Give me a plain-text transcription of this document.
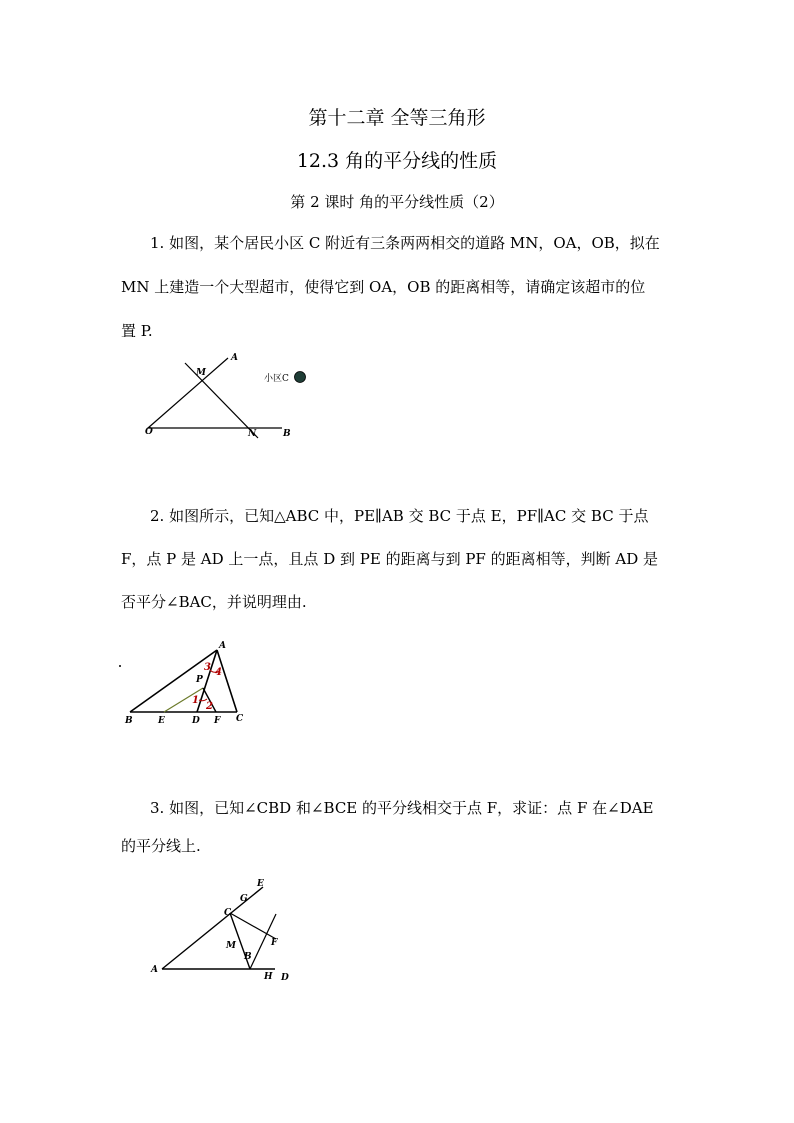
第十二章 全等三角形
12.3 角的平分线的性质
第 2 课时 角的平分线性质（2）
1. 如图，某个居民小区 C 附近有三条两两相交的道路 MN，OA，OB，拟在
MN 上建造一个大型超市，使得它到 OA，OB 的距离相等，请确定该超市的位
置 P.
A
M
O	N	B
小区C
2. 如图所示，已知△ABC 中，PE∥AB 交 BC 于点 E，PF∥AC 交 BC 于点
F，点 P 是 AD 上一点，且点 D 到 PE 的距离与到 PF 的距离相等，判断 AD 是
否平分∠BAC，并说明理由.
A
B	E	D F C
P
1
2
3 4
3. 如图，已知∠CBD 和∠BCE 的平分线相交于点 F，求证：点 F 在∠DAE
的平分线上.
A
B
C
D
E
F
G
H
M
